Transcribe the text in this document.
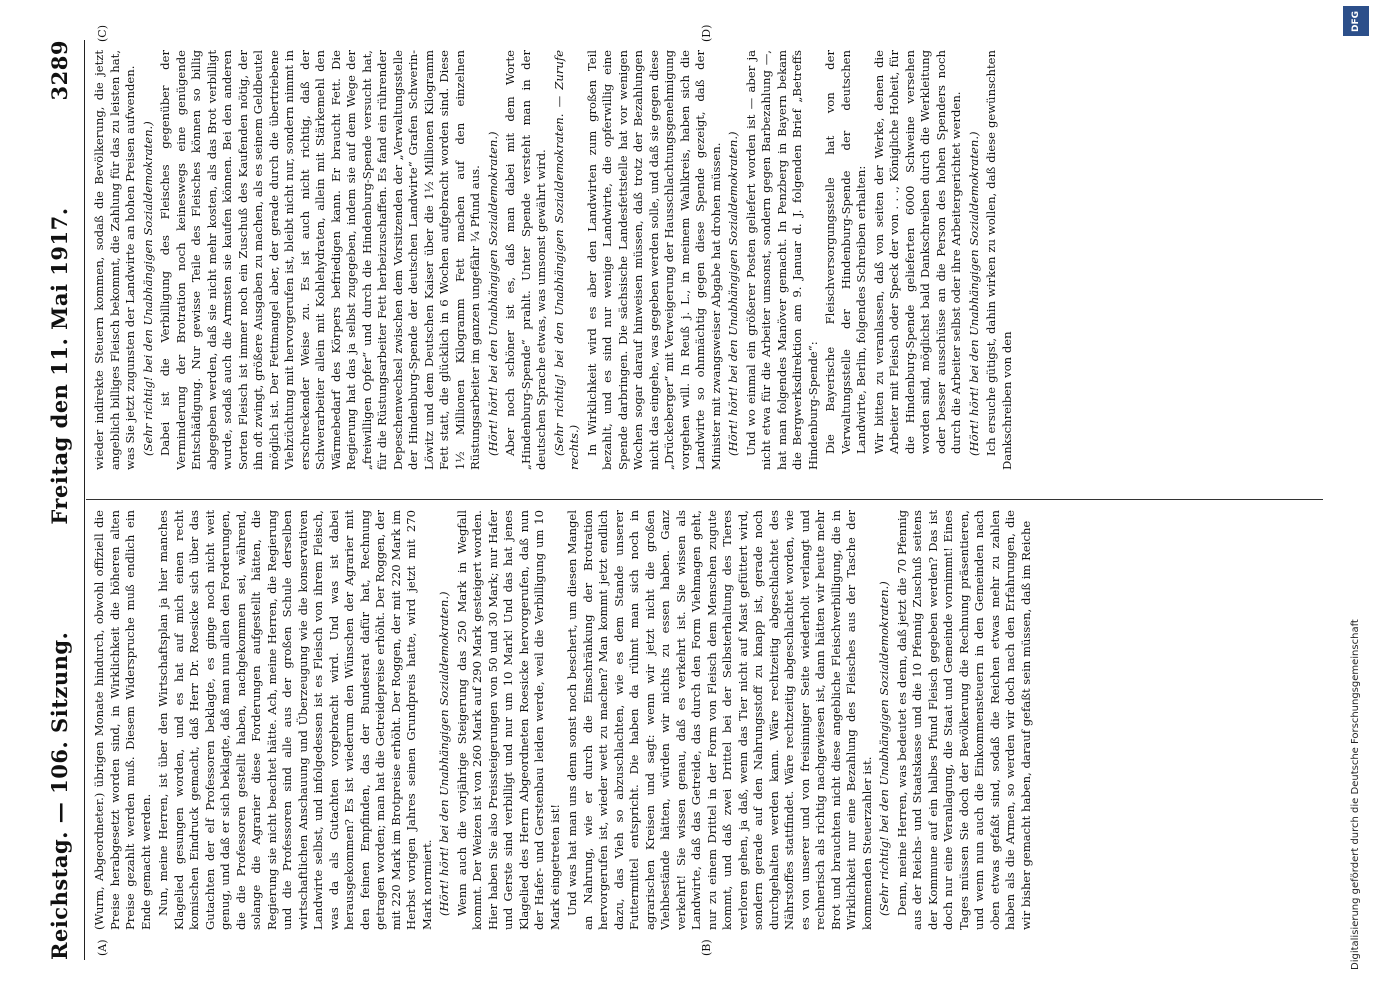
Reichstag. — 106. Sitzung.
Freitag den 11. Mai 1917.
3289
(A)	(B)
(C)	(D)

(Wurm, Abgeordneter.) übrigen Monate hindurch, obwohl offiziell die Preise herabgesetzt worden sind, in Wirklichkeit die höheren alten Preise gezahlt werden muß. Diesem Widerspruche muß endlich ein Ende gemacht werden. Nun, meine Herren, ist über den Wirtschaftsplan ja hier manches Klagelied gesungen worden, und es hat auf mich einen recht komischen Eindruck gemacht, daß Herr Dr. Roesicke sich über das Gutachten der elf Professoren beklagte, es ginge noch nicht weit genug, und daß er sich beklagte, daß man nun allen den Forderungen, die die Professoren gestellt haben, nachgekommen sei, während, solange die Agrarier diese Forderungen aufgestellt hätten, die Regierung sie nicht beachtet hätte. Ach, meine Herren, die Regierung und die Professoren sind alle aus der großen Schule derselben wirtschaftlichen Anschauung und Überzeugung wie die konservativen Landwirte selbst, und infolgedessen ist es Fleisch von ihrem Fleisch, was da als Gutachten vorgebracht wird. Und was ist dabei herausgekommen? Es ist wiederum den Wünschen der Agrarier mit den feinen Empfinden, das der Bundesrat dafür hat, Rechnung getragen worden; man hat die Getreidepreise erhöht. Der Roggen, der mit 220 Mark im Brotpreise erhöht. Der Roggen, der mit 220 Mark im Herbst vorigen Jahres seinen Grundpreis hatte, wird jetzt mit 270 Mark normiert. (Hört! hört! bei den Unabhängigen Sozialdemokraten.) Wenn auch die vorjährige Steigerung das 250 Mark in Wegfall kommt. Der Weizen ist von 260 Mark auf 290 Mark gesteigert worden. Hier haben Sie also Preissteigerungen von 50 und 30 Mark; nur Hafer und Gerste sind verbilligt und nur um 10 Mark! Und das hat jenes Klagelied des Herrn Abgeordneten Roesicke hervorgerufen, daß nun der Hafer- und Gerstenbau leiden werde, weil die Verbilligung um 10 Mark eingetreten ist! Und was hat man uns denn sonst noch beschert, um diesen Mangel an Nahrung, wie er durch die Einschränkung der Brotration hervorgerufen ist, wieder wett zu machen? Man kommt jetzt endlich dazu, das Vieh so abzuschlachten, wie es dem Stande unserer Futtermittel entspricht. Die haben da rühmt man sich noch in agrarischen Kreisen und sagt: wenn wir jetzt nicht die großen Viehbestände hätten, würden wir nichts zu essen haben. Ganz verkehrt! Sie wissen genau, daß es verkehrt ist. Sie wissen als Landwirte, daß das Getreide, das durch den Form Viehmagen geht, nur zu einem Drittel in der Form von Fleisch dem Menschen zugute kommt, und daß zwei Drittel bei der Selbsterhaltung des Tieres verloren gehen, ja daß, wenn das Tier nicht auf Mast gefüttert wird, sondern gerade auf den Nahrungsstoff zu knapp ist, gerade noch durchgehalten werden kann. Wäre rechtzeitig abgeschlachtet des Nährstoffes stattfindet. Wäre rechtzeitig abgeschlachtet worden, wie es von unserer und von freisinniger Seite wiederholt verlangt und rechnerisch als richtig nachgewiesen ist, dann hätten wir heute mehr Brot und brauchten nicht diese angebliche Fleischverbilligung, die in Wirklichkeit nur eine Bezahlung des Fleisches aus der Tasche der kommenden Steuerzahler ist. (Sehr richtig! bei den Unabhängigen Sozialdemokraten.) Denn, meine Herren, was bedeutet es denn, daß jetzt die 70 Pfennig aus der Reichs- und Staatskasse und die 10 Pfennig Zuschuß seitens der Kommune auf ein halbes Pfund Fleisch gegeben werden? Das ist doch nur eine Veranlagung, die Staat und Gemeinde vornimmt! Eines Tages müssen Sie doch der Bevölkerung die Rechnung präsentieren, und wenn nun auch die Einkommensteuern in den Gemeinden nach oben etwas gefaßt sind, sodaß die Reichen etwas mehr zu zahlen haben als die Armen, so werden wir doch nach den Erfahrungen, die wir bisher gemacht haben, darauf gefaßt sein müssen, daß im Reiche

wieder indirekte Steuern kommen, sodaß die Bevölkerung, die jetzt angeblich billiges Fleisch bekommt, die Zahlung für das zu leisten hat, was Sie jetzt zugunsten der Landwirte an hohen Preisen aufwenden. (Sehr richtig! bei den Unabhängigen Sozialdemokraten.) Dabei ist die Verbilligung des Fleisches gegenüber der Verminderung der Brotration noch keineswegs eine genügende Entschädigung. Nur gewisse Teile des Fleisches können so billig abgegeben werden, daß sie nicht mehr kosten, als das Brot verbilligt wurde, sodaß auch die Armsten sie kaufen können. Bei den anderen Sorten Fleisch ist immer noch ein Zuschuß des Kaufenden nötig, der ihn oft zwingt, größere Ausgaben zu machen, als es seinem Geldbeutel möglich ist. Der Fettmangel aber, der gerade durch die übertriebene Viehzüchtung mit hervorgerufen ist, bleibt nicht nur, sondern nimmt in erschreckender Weise zu. Es ist auch nicht richtig, daß der Schwerarbeiter allein mit Kohlehydraten, allein mit Stärkemehl den Wärmebedarf des Körpers befriedigen kann. Er braucht Fett. Die Regierung hat das ja selbst zugegeben, indem sie auf dem Wege der „freiwilligen Opfer“ und durch die Hindenburg-Spende versucht hat, für die Rüstungsarbeiter Fett herbeizuschaffen. Es fand ein rührender Depeschenwechsel zwischen dem Vorsitzenden der „Verwaltungsstelle der Hindenburg-Spende der deutschen Landwirte“ Grafen Schwerin-Löwitz und dem Deutschen Kaiser über die 1½ Millionen Kilogramm Fett statt, die glücklich in 6 Wochen aufgebracht worden sind. Diese 1½ Millionen Kilogramm Fett machen auf den einzelnen Rüstungsarbeiter im ganzen ungefähr ¼ Pfund aus. (Hört! hört! bei den Unabhängigen Sozialdemokraten.) Aber noch schöner ist es, daß man dabei mit dem Worte „Hindenburg-Spende“ prahlt. Unter Spende versteht man in der deutschen Sprache etwas, was umsonst gewährt wird. (Sehr richtig! bei den Unabhängigen Sozialdemokraten. — Zurufe rechts.) In Wirklichkeit wird es aber den Landwirten zum großen Teil bezahlt, und es sind nur wenige Landwirte, die opferwillig eine Spende darbringen. Die sächsische Landesfettstelle hat vor wenigen Wochen sogar darauf hinweisen müssen, daß trotz der Bezahlungen nicht das eingehe, was gegeben werden solle, und daß sie gegen diese „Drückeberger“ mit Verweigerung der Hausschlachtungsgenehmigung vorgehen will. In Reuß j. L., in meinem Wahlkreis, haben sich die Landwirte so ohnmächtig gegen diese Spende gezeigt, daß der Minister mit zwangsweiser Abgabe hat drohen müssen. (Hört! hört! bei den Unabhängigen Sozialdemokraten.) Und wo einmal ein größerer Posten geliefert worden ist — aber ja nicht etwa für die Arbeiter umsonst, sondern gegen Barbezahlung —, hat man folgendes Manöver gemacht. In Penzberg in Bayern bekam die Bergwerksdirektion am 9. Januar d. J. folgenden Brief „Betreffs Hindenburg-Spende“: Die Bayerische Fleischversorgungsstelle hat von der Verwaltungsstelle der Hindenburg-Spende der deutschen Landwirte, Berlin, folgendes Schreiben erhalten: Wir bitten zu veranlassen, daß von seiten der Werke, denen die Arbeiter mit Fleisch oder Speck der von . . ., Königliche Hoheit, für die Hindenburg-Spende gelieferten 6000 Schweine versehen worden sind, möglichst bald Dankschreiben durch die Werkleitung oder besser ausschüsse an die Person des hohen Spenders noch durch die Arbeiter selbst oder ihre Arbeitergerichtet werden. (Hört! hört! bei den Unabhängigen Sozialdemokraten.) Ich ersuche gütigst, dahin wirken zu wollen, daß diese gewünschten Dankschreiben von den

DFG
Digitalisierung gefördert durch die Deutsche Forschungsgemeinschaft
